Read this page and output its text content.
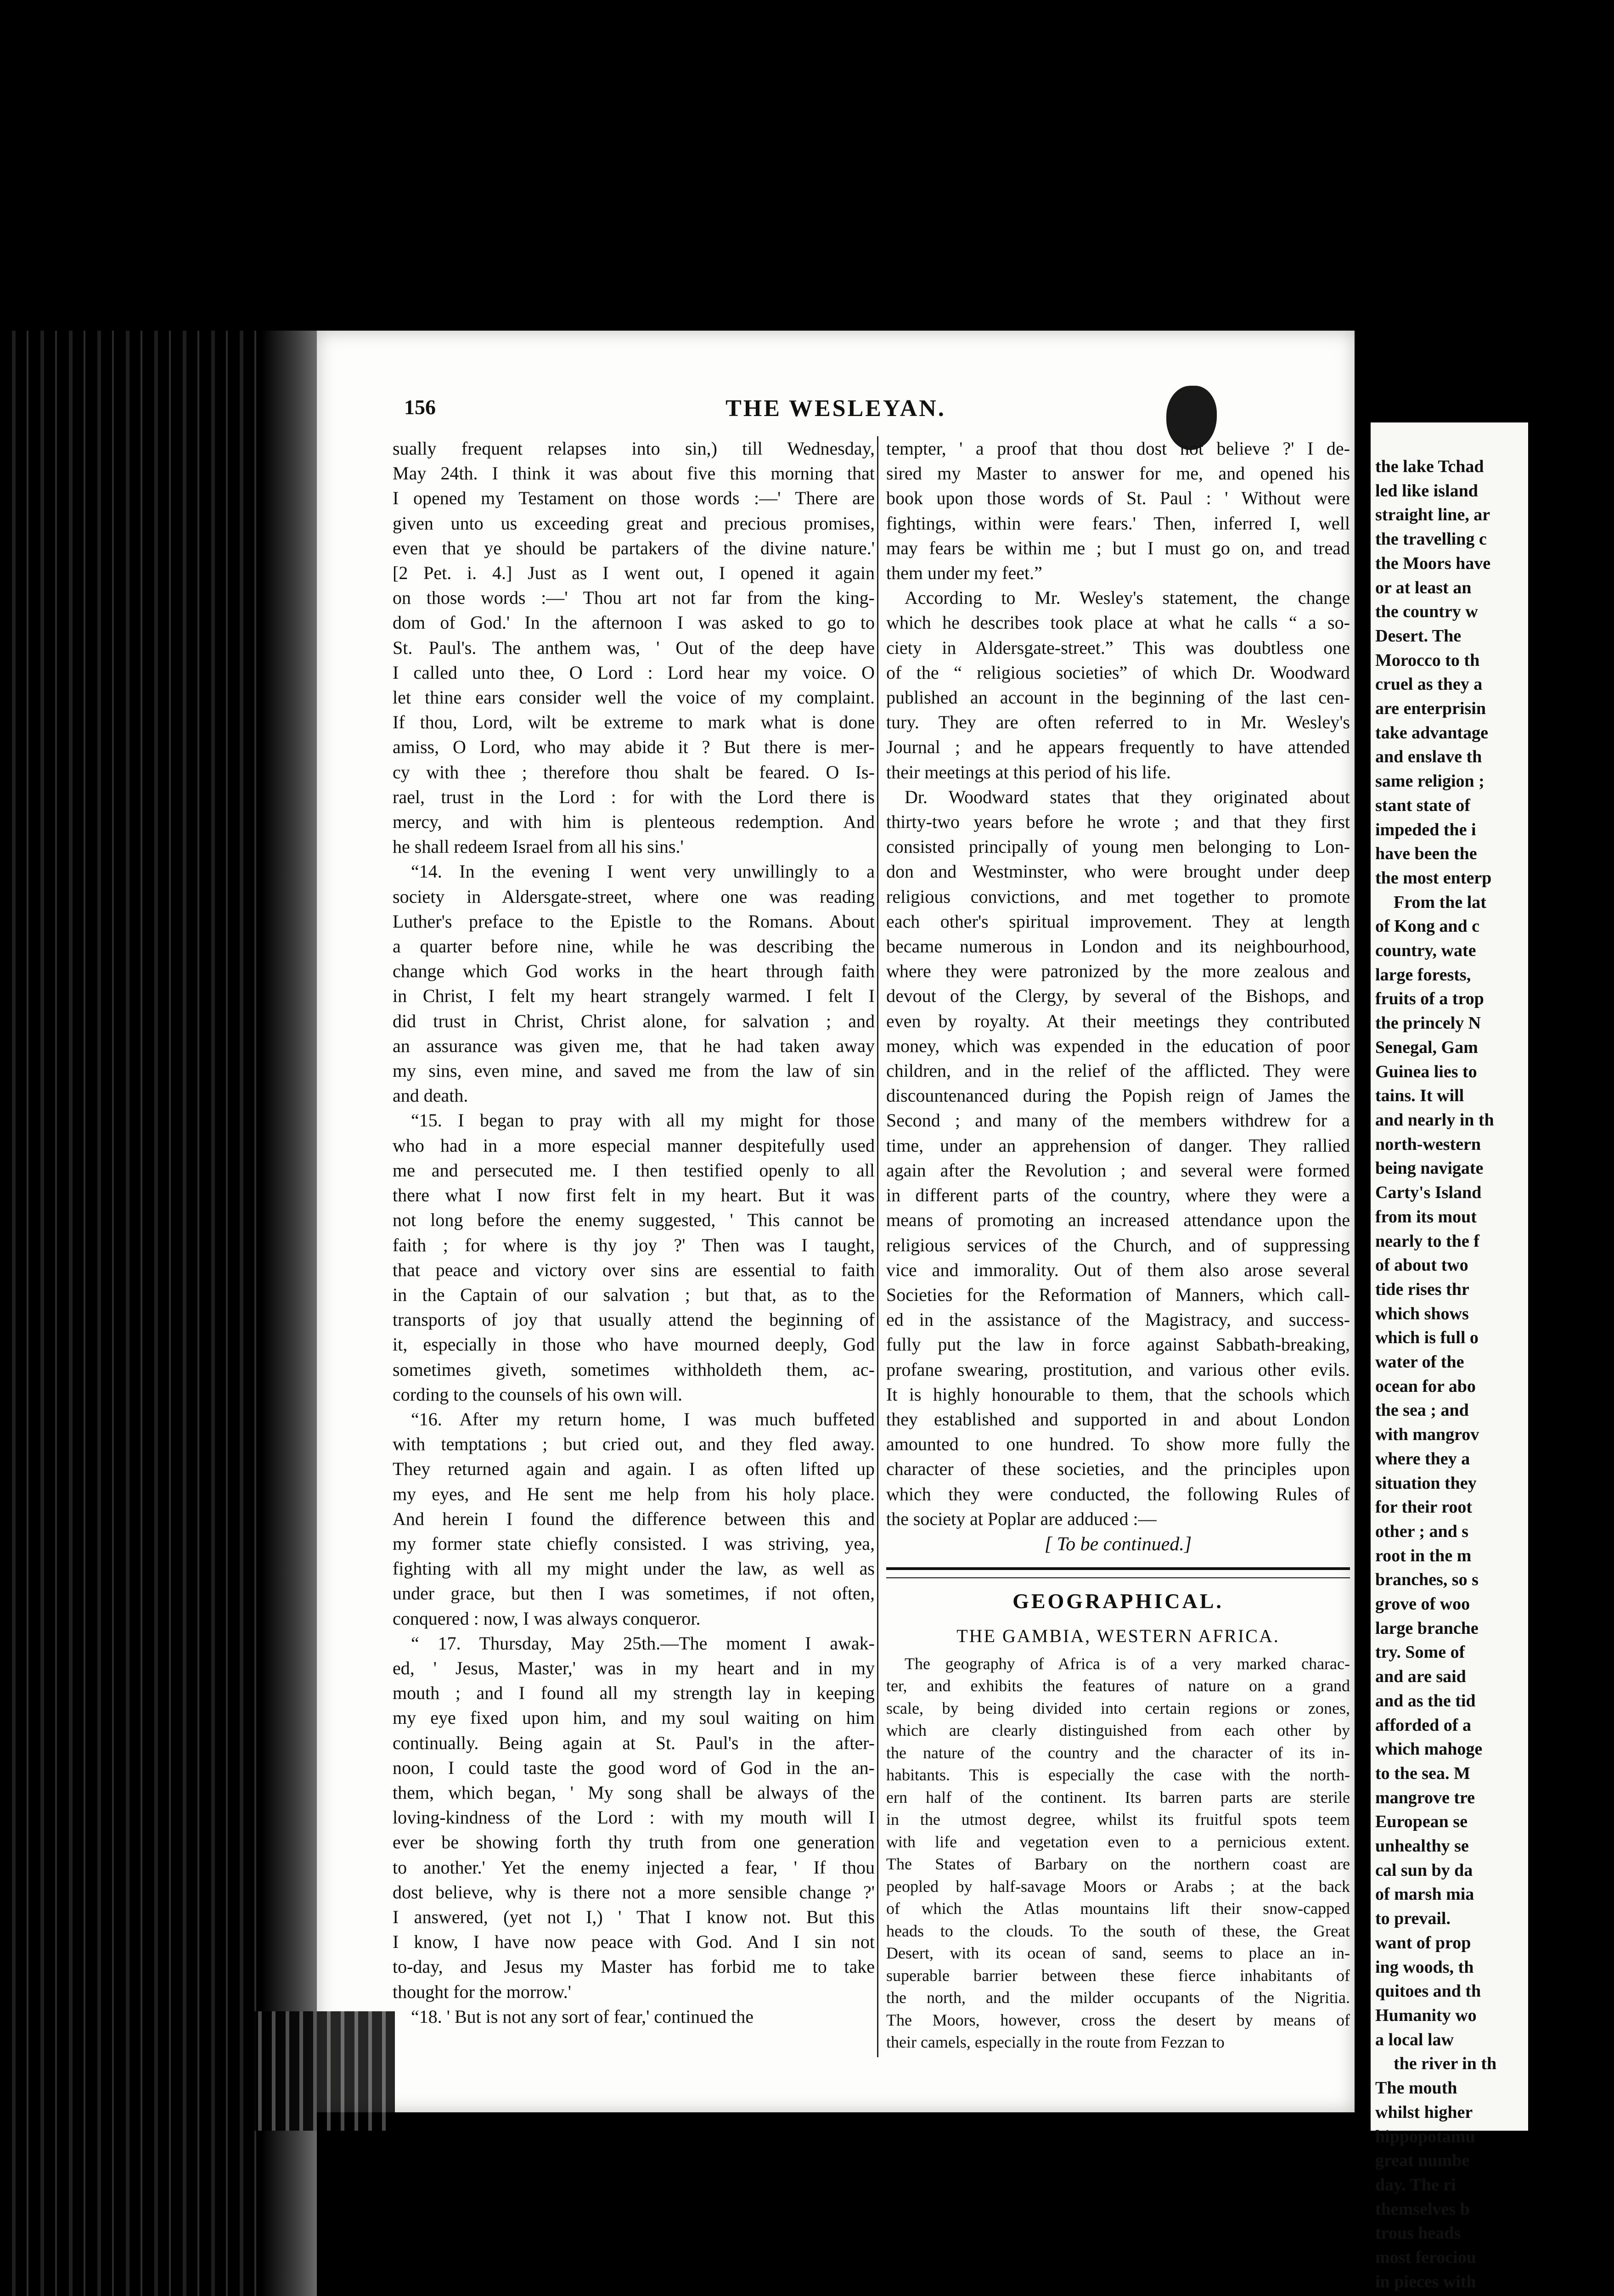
156	THE WESLEYAN.
sually frequent relapses into sin,) till Wednesday,
May 24th. I think it was about five this morning that
I opened my Testament on those words :—' There are
given unto us exceeding great and precious promises,
even that ye should be partakers of the divine nature.'
[2 Pet. i. 4.] Just as I went out, I opened it again
on those words :—' Thou art not far from the king-
dom of God.' In the afternoon I was asked to go to
St. Paul's. The anthem was, ' Out of the deep have
I called unto thee, O Lord : Lord hear my voice. O
let thine ears consider well the voice of my complaint.
If thou, Lord, wilt be extreme to mark what is done
amiss, O Lord, who may abide it ? But there is mer-
cy with thee ; therefore thou shalt be feared. O Is-
rael, trust in the Lord : for with the Lord there is
mercy, and with him is plenteous redemption. And
he shall redeem Israel from all his sins.'
“14. In the evening I went very unwillingly to a
society in Aldersgate-street, where one was reading
Luther's preface to the Epistle to the Romans. About
a quarter before nine, while he was describing the
change which God works in the heart through faith
in Christ, I felt my heart strangely warmed. I felt I
did trust in Christ, Christ alone, for salvation ; and
an assurance was given me, that he had taken away
my sins, even mine, and saved me from the law of sin
and death.
“15. I began to pray with all my might for those
who had in a more especial manner despitefully used
me and persecuted me. I then testified openly to all
there what I now first felt in my heart. But it was
not long before the enemy suggested, ' This cannot be
faith ; for where is thy joy ?' Then was I taught,
that peace and victory over sins are essential to faith
in the Captain of our salvation ; but that, as to the
transports of joy that usually attend the beginning of
it, especially in those who have mourned deeply, God
sometimes giveth, sometimes withholdeth them, ac-
cording to the counsels of his own will.
“16. After my return home, I was much buffeted
with temptations ; but cried out, and they fled away.
They returned again and again. I as often lifted up
my eyes, and He sent me help from his holy place.
And herein I found the difference between this and
my former state chiefly consisted. I was striving, yea,
fighting with all my might under the law, as well as
under grace, but then I was sometimes, if not often,
conquered : now, I was always conqueror.
“ 17. Thursday, May 25th.—The moment I awak-
ed, ' Jesus, Master,' was in my heart and in my
mouth ; and I found all my strength lay in keeping
my eye fixed upon him, and my soul waiting on him
continually. Being again at St. Paul's in the after-
noon, I could taste the good word of God in the an-
them, which began, ' My song shall be always of the
loving-kindness of the Lord : with my mouth will I
ever be showing forth thy truth from one generation
to another.' Yet the enemy injected a fear, ' If thou
dost believe, why is there not a more sensible change ?'
I answered, (yet not I,) ' That I know not. But this
I know, I have now peace with God. And I sin not
to-day, and Jesus my Master has forbid me to take
thought for the morrow.'
“18. ' But is not any sort of fear,' continued the
tempter, ' a proof that thou dost not believe ?' I de-
sired my Master to answer for me, and opened his
book upon those words of St. Paul : ' Without were
fightings, within were fears.' Then, inferred I, well
may fears be within me ; but I must go on, and tread
them under my feet.”
According to Mr. Wesley's statement, the change
which he describes took place at what he calls “ a so-
ciety in Aldersgate-street.” This was doubtless one
of the “ religious societies” of which Dr. Woodward
published an account in the beginning of the last cen-
tury. They are often referred to in Mr. Wesley's
Journal ; and he appears frequently to have attended
their meetings at this period of his life.
Dr. Woodward states that they originated about
thirty-two years before he wrote ; and that they first
consisted principally of young men belonging to Lon-
don and Westminster, who were brought under deep
religious convictions, and met together to promote
each other's spiritual improvement. They at length
became numerous in London and its neighbourhood,
where they were patronized by the more zealous and
devout of the Clergy, by several of the Bishops, and
even by royalty. At their meetings they contributed
money, which was expended in the education of poor
children, and in the relief of the afflicted. They were
discountenanced during the Popish reign of James the
Second ; and many of the members withdrew for a
time, under an apprehension of danger. They rallied
again after the Revolution ; and several were formed
in different parts of the country, where they were a
means of promoting an increased attendance upon the
religious services of the Church, and of suppressing
vice and immorality. Out of them also arose several
Societies for the Reformation of Manners, which call-
ed in the assistance of the Magistracy, and success-
fully put the law in force against Sabbath-breaking,
profane swearing, prostitution, and various other evils.
It is highly honourable to them, that the schools which
they established and supported in and about London
amounted to one hundred. To show more fully the
character of these societies, and the principles upon
which they were conducted, the following Rules of
the society at Poplar are adduced :—
[ To be continued.]
GEOGRAPHICAL.
THE GAMBIA, WESTERN AFRICA.
The geography of Africa is of a very marked charac-
ter, and exhibits the features of nature on a grand
scale, by being divided into certain regions or zones,
which are clearly distinguished from each other by
the nature of the country and the character of its in-
habitants. This is especially the case with the north-
ern half of the continent. Its barren parts are sterile
in the utmost degree, whilst its fruitful spots teem
with life and vegetation even to a pernicious extent.
The States of Barbary on the northern coast are
peopled by half-savage Moors or Arabs ; at the back
of which the Atlas mountains lift their snow-capped
heads to the clouds. To the south of these, the Great
Desert, with its ocean of sand, seems to place an in-
superable barrier between these fierce inhabitants of
the north, and the milder occupants of the Nigritia.
The Moors, however, cross the desert by means of
their camels, especially in the route from Fezzan to
the lake Tchad
led like island
straight line, ar
the travelling c
the Moors have
or at least an
the country w
Desert. The
Morocco to th
cruel as they a
are enterprisin
take advantage
and enslave th
same religion ;
stant state of
impeded the i
have been the
the most enterp
From the lat
of Kong and c
country, wate
large forests,
fruits of a trop
the princely N
Senegal, Gam
Guinea lies to
tains. It will
and nearly in th
north-western
being navigate
Carty's Island
from its mout
nearly to the f
of about two
tide rises thr
which shows
which is full o
water of the
ocean for abo
the sea ; and
with mangrov
where they a
situation they
for their root
other ; and s
root in the m
branches, so s
grove of woo
large branche
try. Some of
and are said
and as the tid
afforded of a
which mahoge
to the sea. M
mangrove tre
European se
unhealthy se
cal sun by da
of marsh mia
to prevail.
want of prop
ing woods, th
quitoes and th
Humanity wo
a local law
the river in th
The mouth
whilst higher
hippopotamu
great numbe
day. The ri
themselves b
trous heads
most ferociou
in pieces with
